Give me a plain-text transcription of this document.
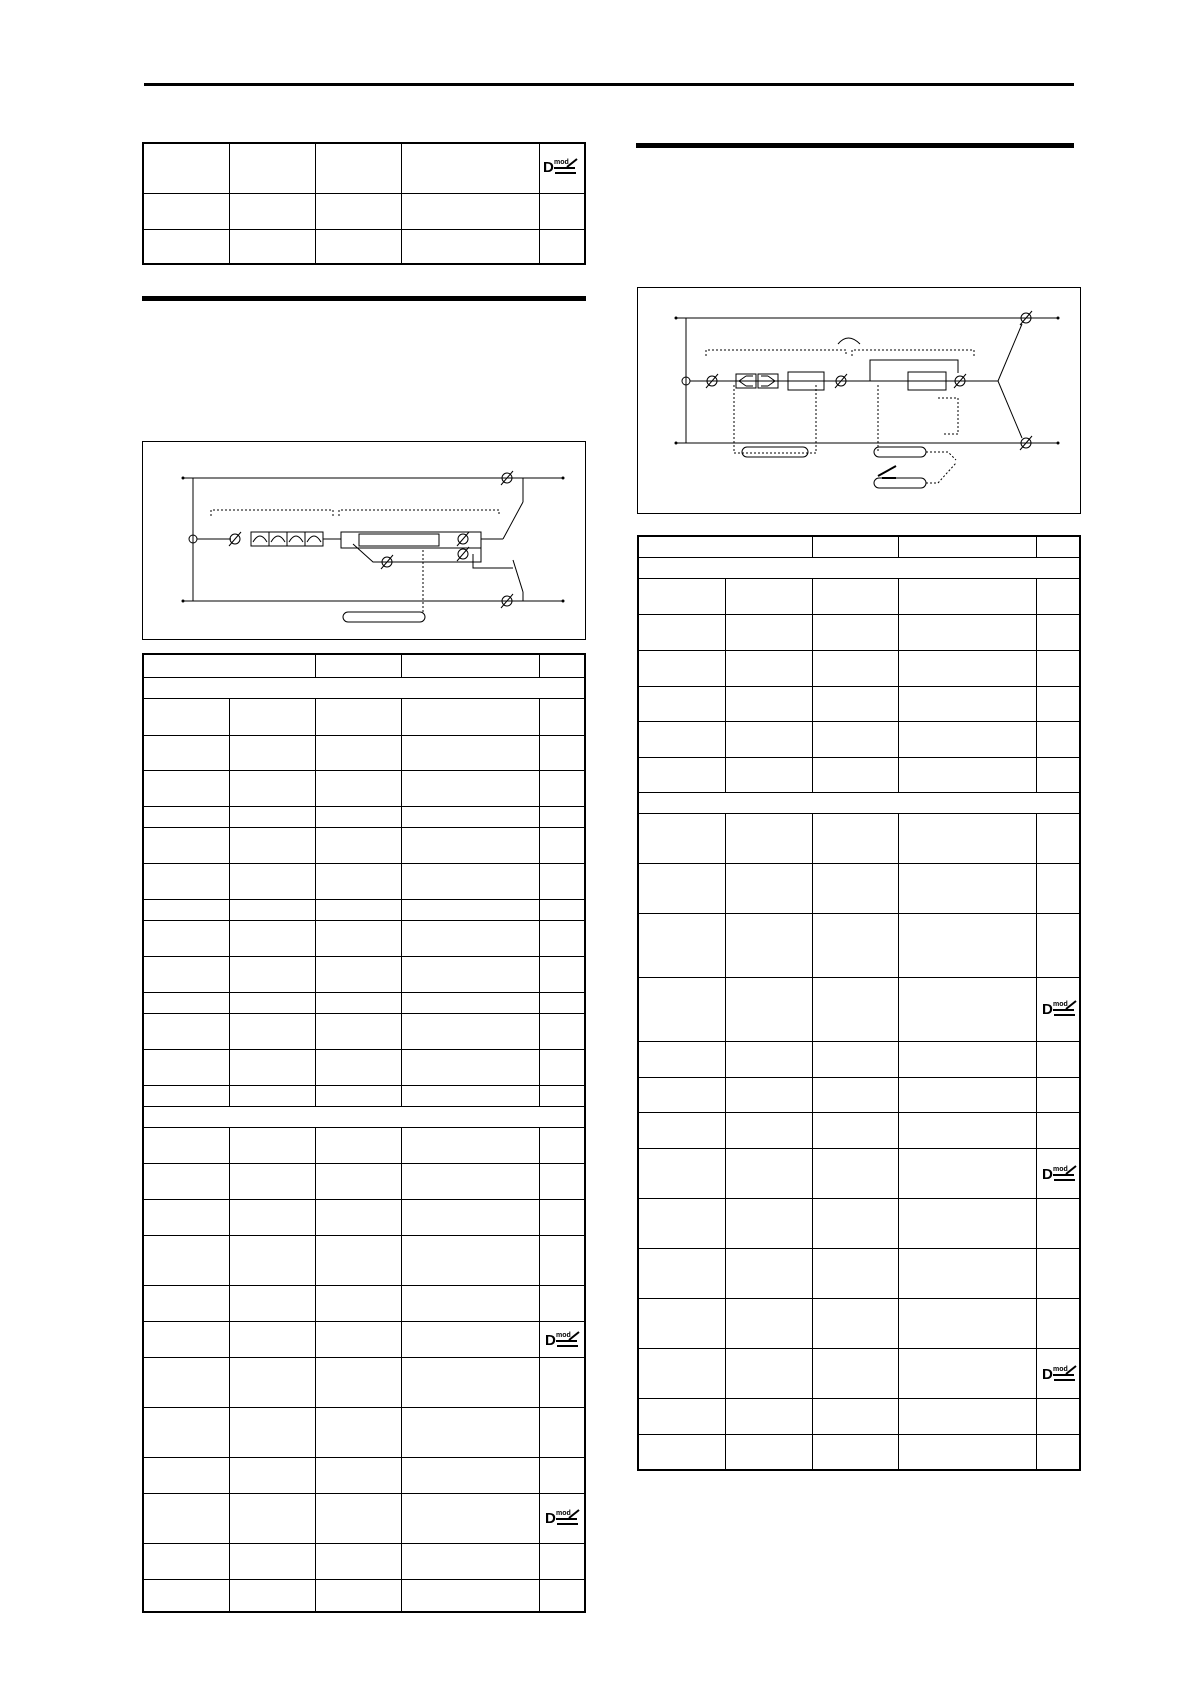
D mod
D mod
D mod
D mod
D mod
D mod
